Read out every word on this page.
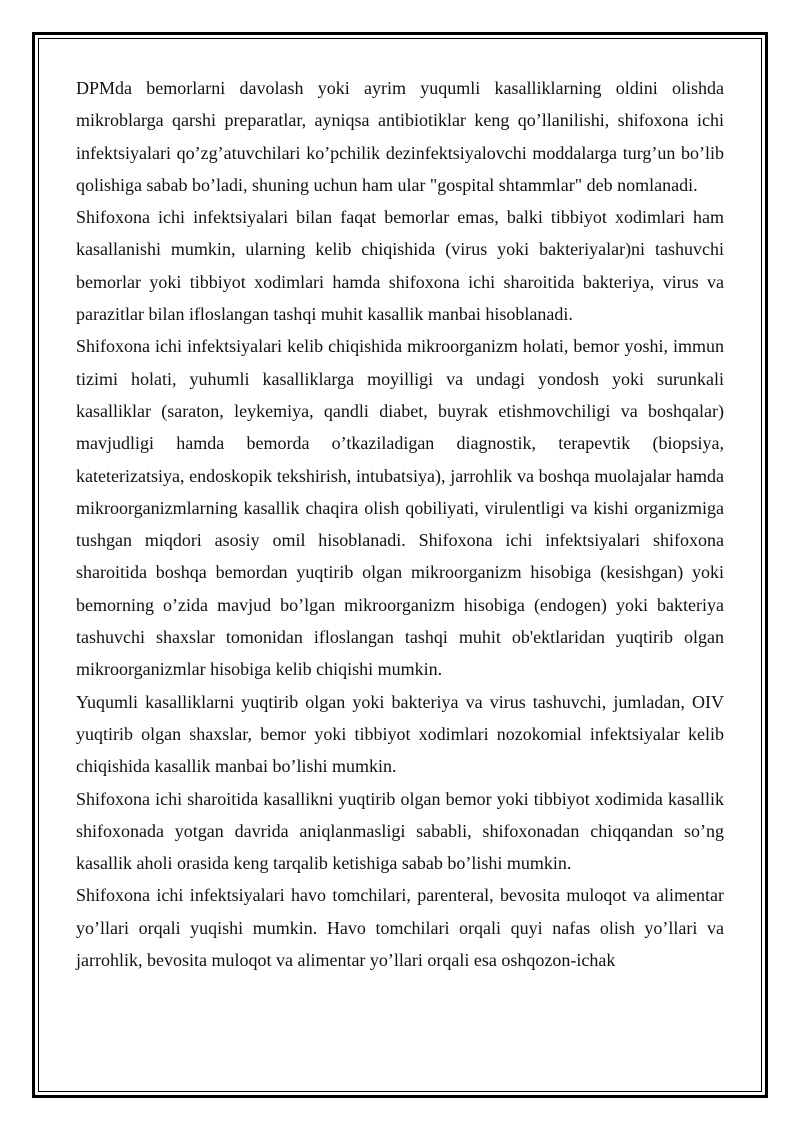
DPMda bemorlarni davolash yoki ayrim yuqumli kasalliklarning oldini olishda mikroblarga qarshi preparatlar, ayniqsa antibiotiklar keng qo’llanilishi, shifoxona ichi infektsiyalari qo’zg’atuvchilari ko’pchilik dezinfektsiyalovchi moddalarga turg’un bo’lib qolishiga sabab bo’ladi, shuning uchun ham ular "gospital shtammlar" deb nomlanadi.

Shifoxona ichi infektsiyalari bilan faqat bemorlar emas, balki tibbiyot xodimlari ham kasallanishi mumkin, ularning kelib chiqishida (virus yoki bakteriyalar)ni tashuvchi bemorlar yoki tibbiyot xodimlari hamda shifoxona ichi sharoitida bakteriya, virus va parazitlar bilan ifloslangan tashqi muhit kasallik manbai hisoblanadi.

Shifoxona ichi infektsiyalari kelib chiqishida mikroorganizm holati, bemor yoshi, immun tizimi holati, yuhumli kasalliklarga moyilligi va undagi yondosh yoki surunkali kasalliklar (saraton, leykemiya, qandli diabet, buyrak etishmovchiligi va boshqalar) mavjudligi hamda bemorda o’tkaziladigan diagnostik, terapevtik (biopsiya, kateterizatsiya, endoskopik tekshirish, intubatsiya), jarrohlik va boshqa muolajalar hamda mikroorganizmlarning kasallik chaqira olish qobiliyati, virulentligi va kishi organizmiga tushgan miqdori asosiy omil hisoblanadi. Shifoxona ichi infektsiyalari shifoxona sharoitida boshqa bemordan yuqtirib olgan mikroorganizm hisobiga (kesishgan) yoki bemorning o’zida mavjud bo’lgan mikroorganizm hisobiga (endogen) yoki bakteriya tashuvchi shaxslar tomonidan ifloslangan tashqi muhit ob'ektlaridan yuqtirib olgan mikroorganizmlar hisobiga kelib chiqishi mumkin.

Yuqumli kasalliklarni yuqtirib olgan yoki bakteriya va virus tashuvchi, jumladan, OIV yuqtirib olgan shaxslar, bemor yoki tibbiyot xodimlari nozokomial infektsiyalar kelib chiqishida kasallik manbai bo’lishi mumkin.

Shifoxona ichi sharoitida kasallikni yuqtirib olgan bemor yoki tibbiyot xodimida kasallik shifoxonada yotgan davrida aniqlanmasligi sababli, shifoxonadan chiqqandan so’ng kasallik aholi orasida keng tarqalib ketishiga sabab bo’lishi mumkin.

Shifoxona ichi infektsiyalari havo tomchilari, parenteral, bevosita muloqot va alimentar yo’llari orqali yuqishi mumkin. Havo tomchilari orqali quyi nafas olish yo’llari va jarrohlik, bevosita muloqot va alimentar yo’llari orqali esa oshqozon-ichak
